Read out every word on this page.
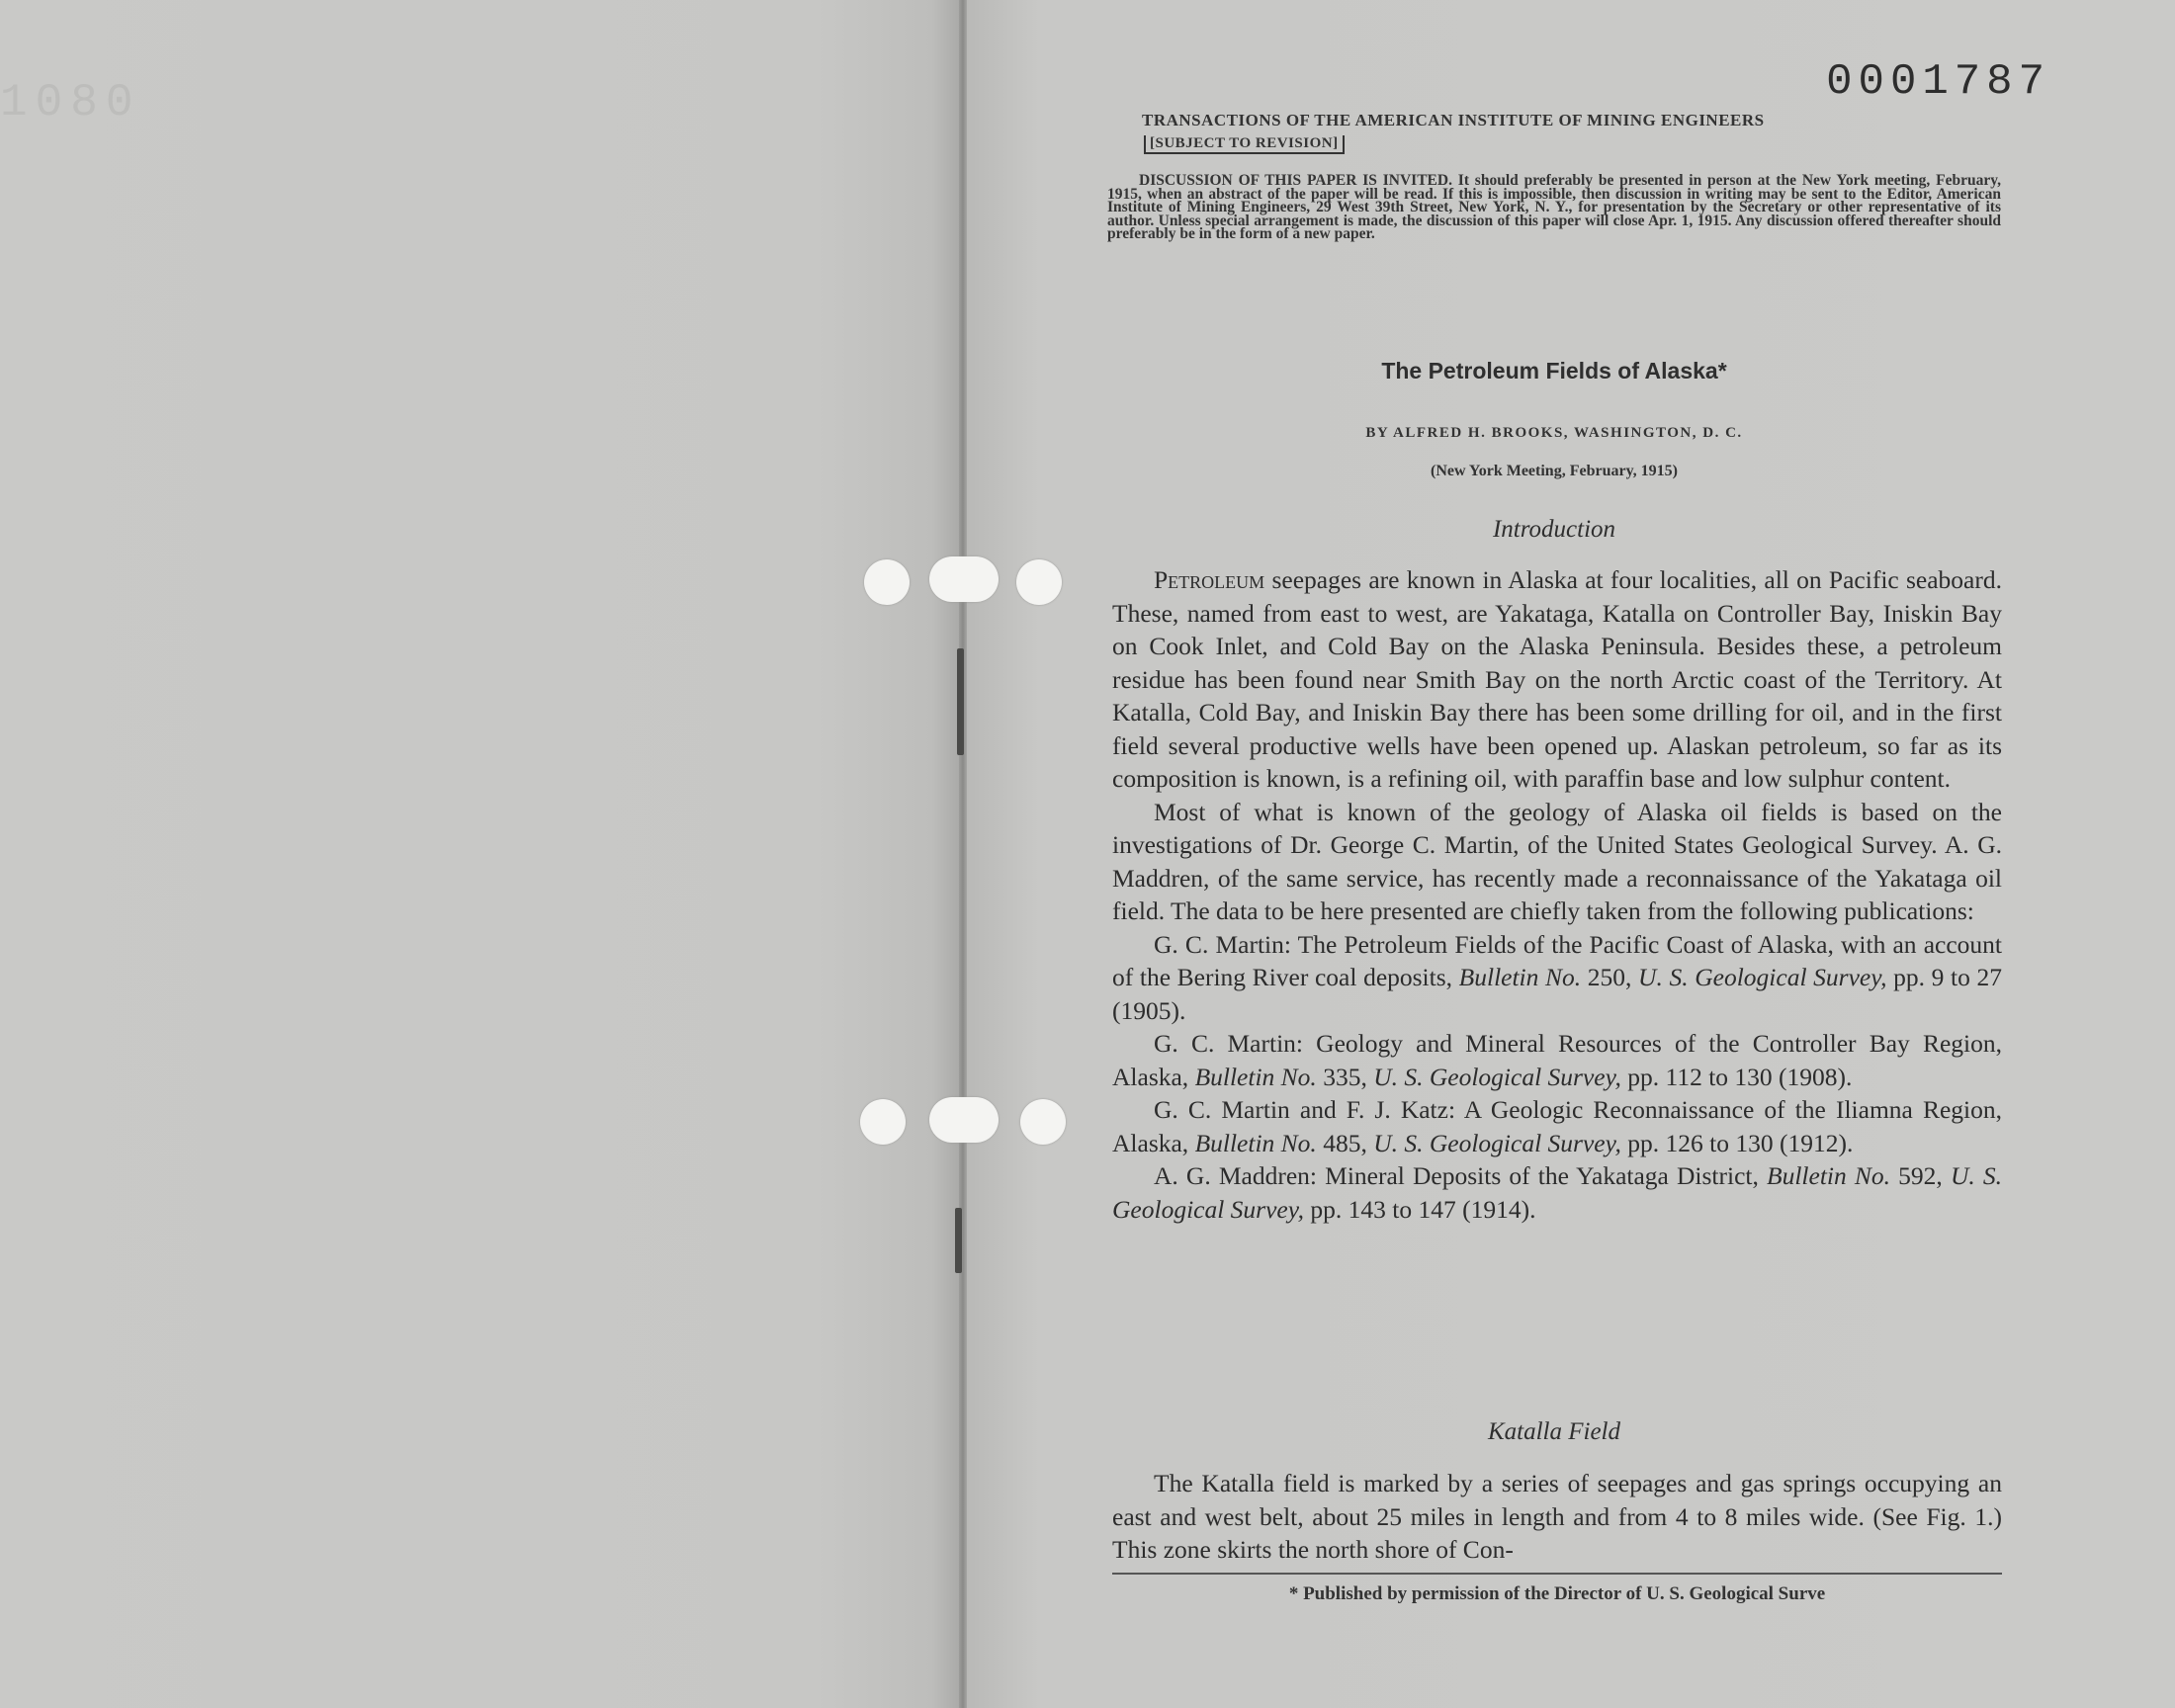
1080	0001787
TRANSACTIONS OF THE AMERICAN INSTITUTE OF MINING ENGINEERS
[SUBJECT TO REVISION]
DISCUSSION OF THIS PAPER IS INVITED. It should preferably be presented in person at the New York meeting, February, 1915, when an abstract of the paper will be read. If this is impossible, then discussion in writing may be sent to the Editor, American Institute of Mining Engineers, 29 West 39th Street, New York, N. Y., for presentation by the Secretary or other representative of its author. Unless special arrangement is made, the discussion of this paper will close Apr. 1, 1915. Any discussion offered thereafter should preferably be in the form of a new paper.
The Petroleum Fields of Alaska*
BY ALFRED H. BROOKS, WASHINGTON, D. C.
(New York Meeting, February, 1915)
Introduction

Petroleum seepages are known in Alaska at four localities, all on Pacific seaboard. These, named from east to west, are Yakataga, Katalla on Controller Bay, Iniskin Bay on Cook Inlet, and Cold Bay on the Alaska Peninsula. Besides these, a petroleum residue has been found near Smith Bay on the north Arctic coast of the Territory. At Katalla, Cold Bay, and Iniskin Bay there has been some drilling for oil, and in the first field several productive wells have been opened up. Alaskan petroleum, so far as its composition is known, is a refining oil, with paraffin base and low sulphur content.

Most of what is known of the geology of Alaska oil fields is based on the investigations of Dr. George C. Martin, of the United States Geological Survey. A. G. Maddren, of the same service, has recently made a reconnaissance of the Yakataga oil field. The data to be here presented are chiefly taken from the following publications:

G. C. Martin: The Petroleum Fields of the Pacific Coast of Alaska, with an account of the Bering River coal deposits, Bulletin No. 250, U. S. Geological Survey, pp. 9 to 27 (1905).

G. C. Martin: Geology and Mineral Resources of the Controller Bay Region, Alaska, Bulletin No. 335, U. S. Geological Survey, pp. 112 to 130 (1908).

G. C. Martin and F. J. Katz: A Geologic Reconnaissance of the Iliamna Region, Alaska, Bulletin No. 485, U. S. Geological Survey, pp. 126 to 130 (1912).

A. G. Maddren: Mineral Deposits of the Yakataga District, Bulletin No. 592, U. S. Geological Survey, pp. 143 to 147 (1914).

Katalla Field

The Katalla field is marked by a series of seepages and gas springs occupying an east and west belt, about 25 miles in length and from 4 to 8 miles wide. (See Fig. 1.) This zone skirts the north shore of Con-

* Published by permission of the Director of U. S. Geological Surve
